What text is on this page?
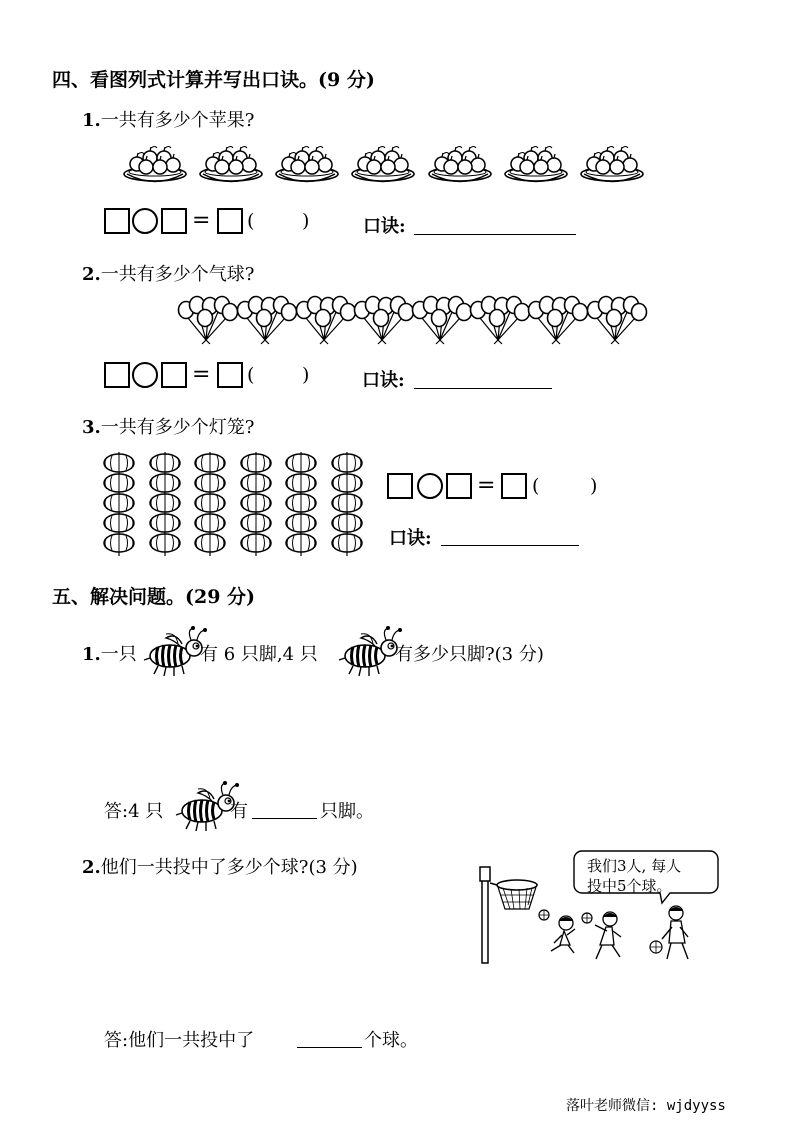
四、看图列式计算并写出口诀。(9 分)
1.一共有多少个苹果?
= (	)	口诀:
2.一共有多少个气球?
= (	)	口诀:
3.一共有多少个灯笼?
= (	)
口诀:
五、解决问题。(29 分)
1.一只	有 6 只脚,4 只	有多少只脚?(3 分)
答:4 只	有	只脚。
2.他们一共投中了多少个球?(3 分)	我们3人, 每人
投中5个球。
答:他们一共投中了	个球。
落叶老师微信: wjdyyss
